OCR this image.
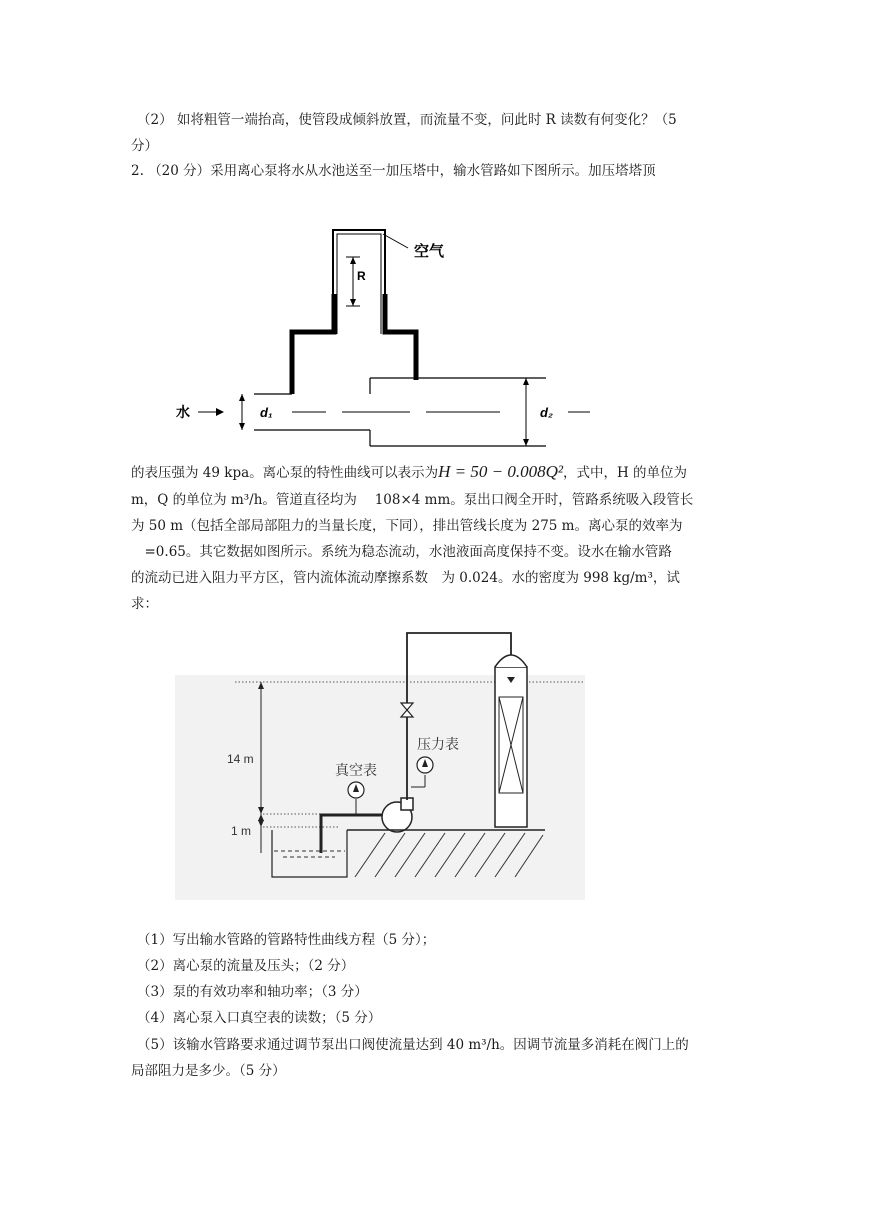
（2） 如将粗管一端抬高，使管段成倾斜放置，而流量不变，问此时 R 读数有何变化？（5
分）
2. （20 分）采用离心泵将水从水池送至一加压塔中，输水管路如下图所示。加压塔塔顶
空气
R
水	d₁	d₂
的表压强为 49 kpa。离心泵的特性曲线可以表示为H = 50 − 0.008Q²，式中，H 的单位为
m，Q 的单位为 m³/h。管道直径均为　 108×4 mm。泵出口阀全开时，管路系统吸入段管长
为 50 m（包括全部局部阻力的当量长度，下同），排出管线长度为 275 m。离心泵的效率为
　=0.65。其它数据如图所示。系统为稳态流动，水池液面高度保持不变。设水在输水管路
的流动已进入阻力平方区，管内流体流动摩擦系数　为 0.024。水的密度为 998 kg/m³，试
求：
14 m
1 m
压力表
真空表
（1）写出输水管路的管路特性曲线方程（5 分）；
（2）离心泵的流量及压头；（2 分）
（3）泵的有效功率和轴功率；（3 分）
（4）离心泵入口真空表的读数；（5 分）
（5）该输水管路要求通过调节泵出口阀使流量达到 40 m³/h。因调节流量多消耗在阀门上的
局部阻力是多少。（5 分）
